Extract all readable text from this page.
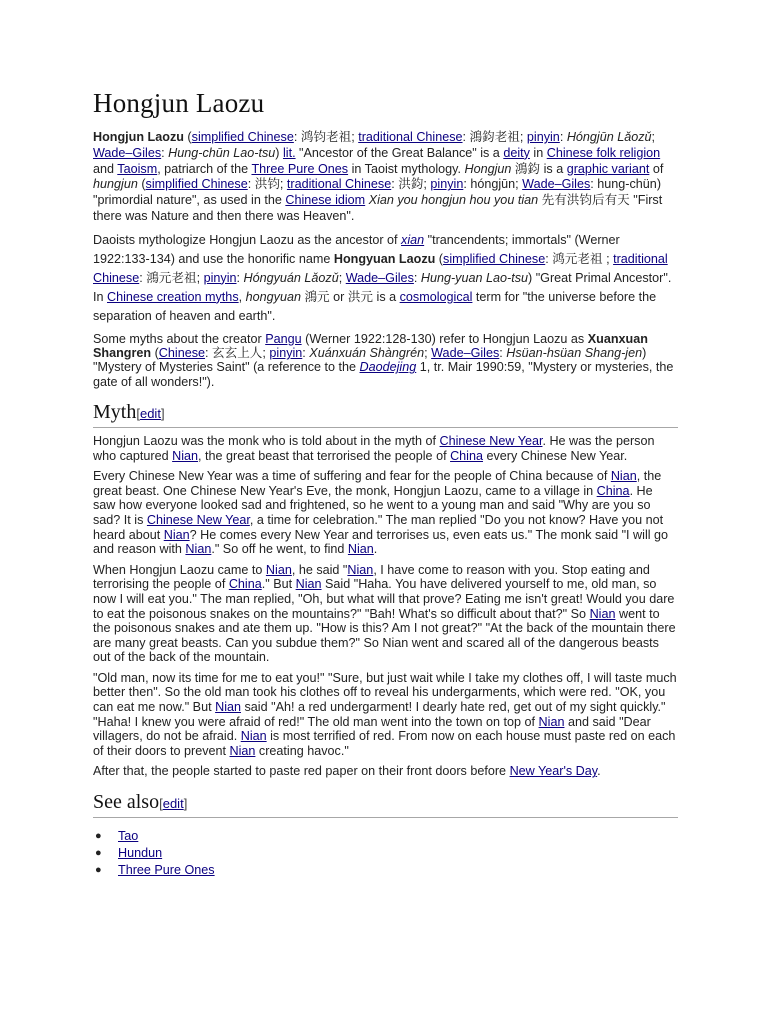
Hongjun Laozu

Hongjun Laozu (simplified Chinese: 鸿钧老祖; traditional Chinese: 鴻鈞老祖; pinyin: Hóngjūn Lǎozǔ; Wade–Giles: Hung-chūn Lao-tsu) lit. "Ancestor of the Great Balance" is a deity in Chinese folk religion and Taoism, patriarch of the Three Pure Ones in Taoist mythology. Hongjun 鴻鈞 is a graphic variant of hungjun (simplified Chinese: 洪钧; traditional Chinese: 洪鈞; pinyin: hóngjūn; Wade–Giles: hung-chün) "primordial nature", as used in the Chinese idiom Xian you hongjun hou you tian 先有洪钧后有天 "First there was Nature and then there was Heaven".

Daoists mythologize Hongjun Laozu as the ancestor of xian "trancendents; immortals" (Werner 1922:133-134) and use the honorific name Hongyuan Laozu (simplified Chinese: 鸿元老祖 ; traditional Chinese: 鴻元老祖; pinyin: Hóngyuán Lǎozǔ; Wade–Giles: Hung-yuan Lao-tsu) "Great Primal Ancestor". In Chinese creation myths, hongyuan 鴻元 or 洪元 is a cosmological term for "the universe before the separation of heaven and earth".

Some myths about the creator Pangu (Werner 1922:128-130) refer to Hongjun Laozu as Xuanxuan Shangren (Chinese: 玄玄上人; pinyin: Xuánxuán Shàngrén; Wade–Giles: Hsüan-hsüan Shang-jen) "Mystery of Mysteries Saint" (a reference to the Daodejing 1, tr. Mair 1990:59, "Mystery or mysteries, the gate of all wonders!").

Myth[edit]

Hongjun Laozu was the monk who is told about in the myth of Chinese New Year. He was the person who captured Nian, the great beast that terrorised the people of China every Chinese New Year.

Every Chinese New Year was a time of suffering and fear for the people of China because of Nian, the great beast. One Chinese New Year's Eve, the monk, Hongjun Laozu, came to a village in China. He saw how everyone looked sad and frightened, so he went to a young man and said "Why are you so sad? It is Chinese New Year, a time for celebration." The man replied "Do you not know? Have you not heard about Nian? He comes every New Year and terrorises us, even eats us." The monk said "I will go and reason with Nian." So off he went, to find Nian.

When Hongjun Laozu came to Nian, he said "Nian, I have come to reason with you. Stop eating and terrorising the people of China." But Nian Said "Haha. You have delivered yourself to me, old man, so now I will eat you." The man replied, "Oh, but what will that prove? Eating me isn't great! Would you dare to eat the poisonous snakes on the mountains?" "Bah! What's so difficult about that?" So Nian went to the poisonous snakes and ate them up. "How is this? Am I not great?" "At the back of the mountain there are many great beasts. Can you subdue them?" So Nian went and scared all of the dangerous beasts out of the back of the mountain.

"Old man, now its time for me to eat you!" "Sure, but just wait while I take my clothes off, I will taste much better then". So the old man took his clothes off to reveal his undergarments, which were red. "OK, you can eat me now." But Nian said "Ah! a red undergarment! I dearly hate red, get out of my sight quickly." "Haha! I knew you were afraid of red!" The old man went into the town on top of Nian and said "Dear villagers, do not be afraid. Nian is most terrified of red. From now on each house must paste red on each of their doors to prevent Nian creating havoc."

After that, the people started to paste red paper on their front doors before New Year's Day.

See also[edit]
● Tao
● Hundun
● Three Pure Ones
